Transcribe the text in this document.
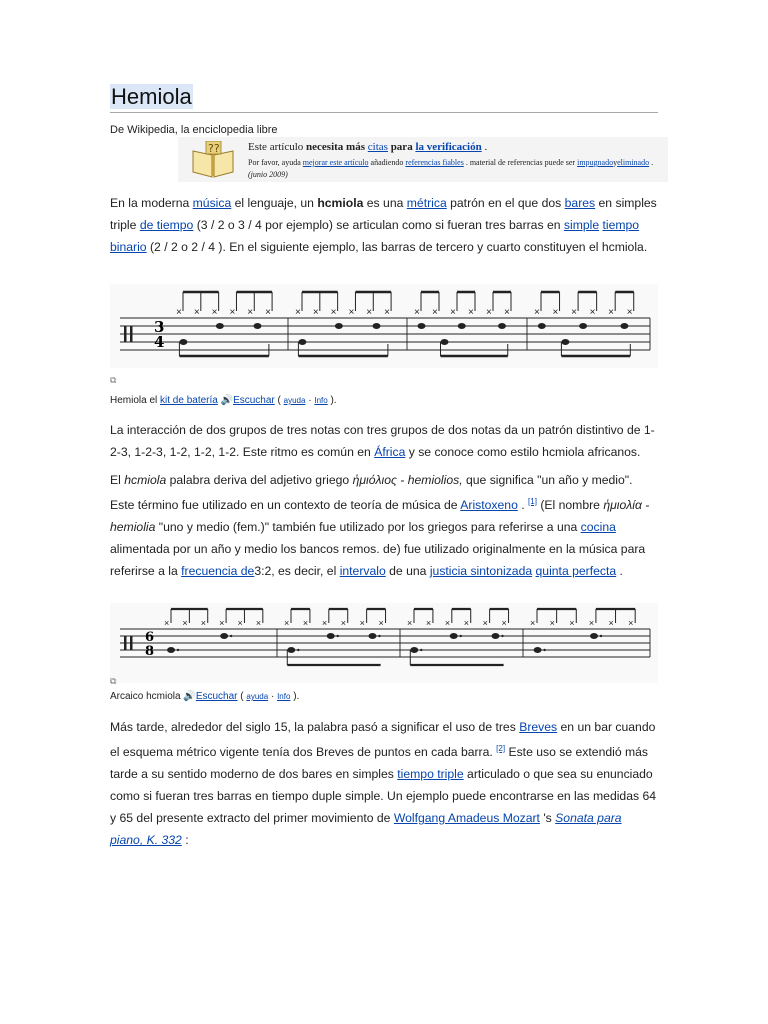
Hemiola
De Wikipedia, la enciclopedia libre
??	Este artículo necesita más citas para la verificación .
Por favor, ayuda mejorar este artículo añadiendo referencias fiables . material de referencias puede ser impugnadoyeliminado . (junio 2009)

En la moderna música el lenguaje, un hcmiola es una métrica patrón en el que dos bares en simples triple de tiempo (3 / 2 o 3 / 4 por ejemplo) se articulan como si fueran tres barras en simple tiempo binario (2 / 2 o 2 / 4 ). En el siguiente ejemplo, las barras de tercero y cuarto constituyen el hcmiola.

3
4
× × × × × × × × × × × × × × × × × × × × × × × ×
⧉
Hemiola el kit de batería 🔊Escuchar ( ayuda · Info ).

La interacción de dos grupos de tres notas con tres grupos de dos notas da un patrón distintivo de 1-2-3, 1-2-3, 1-2, 1-2, 1-2. Este ritmo es común en África y se conoce como estilo hcmiola africanos.

El hcmiola palabra deriva del adjetivo griego ἡμιόλιος - hemiolios, que significa "un año y medio". Este término fue utilizado en un contexto de teoría de música de Aristoxeno . [1] (El nombre ἡμιολία - hemiolia "uno y medio (fem.)" también fue utilizado por los griegos para referirse a una cocina alimentada por un año y medio los bancos remos. de) fue utilizado originalmente en la música para referirse a la frecuencia de3:2, es decir, el intervalo de una justicia sintonizada quinta perfecta .

6
8
× × × × × ×	× × × × × ×	× × × × × ×	× × × × × ×
⧉
Arcaico hcmiola 🔊Escuchar ( ayuda · Info ).

Más tarde, alrededor del siglo 15, la palabra pasó a significar el uso de tres Breves en un bar cuando el esquema métrico vigente tenía dos Breves de puntos en cada barra. [2] Este uso se extendió más tarde a su sentido moderno de dos bares en simples tiempo triple articulado o que sea su enunciado como si fueran tres barras en tiempo duple simple. Un ejemplo puede encontrarse en las medidas 64 y 65 del presente extracto del primer movimiento de Wolfgang Amadeus Mozart 's Sonata para piano, K. 332 :
